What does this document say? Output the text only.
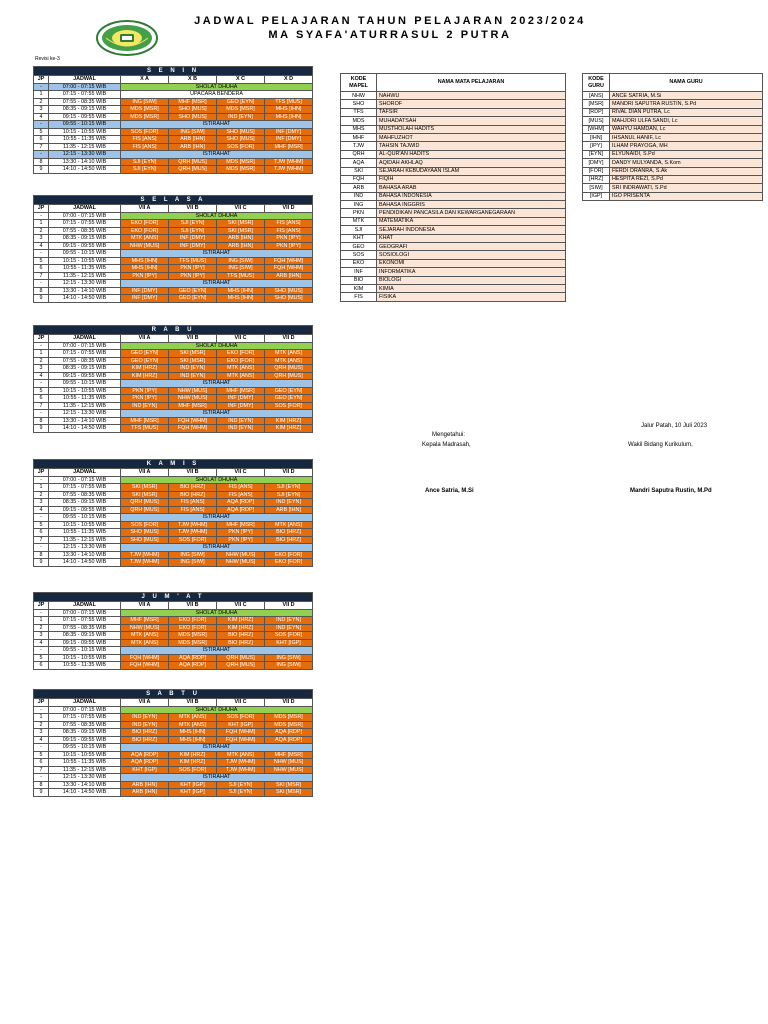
JADWAL PELAJARAN TAHUN PELAJARAN 2023/2024
MA SYAFA'ATURRASUL 2 PUTRA
Revisi ke-3
S E N I N					
JP	JADWAL	X A	X B	X C	X D
-	07:00 - 07:15 WIB	SHOLAT DHUHA			
1	07:15 - 07:55 WIB	UPACARA BENDERA			
2	07:55 - 08:35 WIB	ING [SIW]	MHF [MSR]	GEO [EYN]	TFS [MUS]
3	08:35 - 09:15 WIB	MDS [MSR]	SHO [MUS]	MDS [MSR]	MHS [IHN]
4	09:15 - 09:55 WIB	MDS [MSR]	SHO [MUS]	IND [EYN]	MHS [IHN]
-	09:55 - 10:15 WIB	ISTIRAHAT			
5	10:15 - 10:55 WIB	SOS [FOR]	ING [SIW]	SHO [MUS]	INF [DMY]
6	10:55 - 11:35 WIB	FIS [ANS]	ARB [IHN]	SHO [MUS]	INF [DMY]
7	11:35 - 12:15 WIB	FIS [ANS]	ARB [IHN]	SOS [FOR]	MHF [MSR]
-	12:15 - 13:30 WIB	ISTIRAHAT			
8	13:30 - 14:10 WIB	SJI [EYN]	QRH [MUS]	MDS [MSR]	TJW [WHM]
9	14:10 - 14:50 WIB	SJI [EYN]	QRH [MUS]	MDS [MSR]	TJW [WHM]
S E L A S A					
JP	JADWAL	VII A	VII B	VII C	VII D
-	07:00 - 07:15 WIB	SHOLAT DHUHA			
1	07:15 - 07:55 WIB	EKO [FOR]	SJI [EYN]	SKI [MSR]	FIS [ANS]
2	07:55 - 08:35 WIB	EKO [FOR]	SJI [EYN]	SKI [MSR]	FIS [ANS]
3	08:35 - 09:15 WIB	MTK [ANS]	INF [DMY]	ARB [IHN]	PKN [IPY]
4	09:15 - 09:55 WIB	NHW [MUS]	INF [DMY]	ARB [IHN]	PKN [IPY]
-	09:55 - 10:15 WIB	ISTIRAHAT			
5	10:15 - 10:55 WIB	MHS [IHN]	TFS [MUS]	ING [SIW]	FQH [WHM]
6	10:55 - 11:35 WIB	MHS [IHN]	PKN [IPY]	ING [SIW]	FQH [WHM]
7	11:35 - 12:15 WIB	PKN [IPY]	PKN [IPY]	TFS [MUS]	ARB [IHN]
-	12:15 - 13:30 WIB	ISTIRAHAT			
8	13:30 - 14:10 WIB	INF [DMY]	GEO [EYN]	MHS [IHN]	SHO [MUS]
9	14:10 - 14:50 WIB	INF [DMY]	GEO [EYN]	MHS [IHN]	SHO [MUS]
R A B U					
JP	JADWAL	VII A	VII B	VII C	VII D
-	07:00 - 07:15 WIB	SHOLAT DHUHA			
1	07:15 - 07:55 WIB	GEO [EYN]	SKI [MSR]	EKO [FOR]	MTK [ANS]
2	07:55 - 08:35 WIB	GEO [EYN]	SKI [MSR]	EKO [FOR]	MTK [ANS]
3	08:35 - 09:15 WIB	KIM [HRZ]	IND [EYN]	MTK [ANS]	QRH [MUS]
4	09:15 - 09:55 WIB	KIM [HRZ]	IND [EYN]	MTK [ANS]	QRH [MUS]
-	09:55 - 10:15 WIB	ISTIRAHAT			
5	10:15 - 10:55 WIB	PKN [IPY]	NHW [MUS]	MHF [MSR]	GEO [EYN]
6	10:55 - 11:35 WIB	PKN [IPY]	NHW [MUS]	INF [DMY]	GEO [EYN]
7	11:35 - 12:15 WIB	IND [EYN]	MHF [MSR]	INF [DMY]	SOS [FOR]
-	12:15 - 13:30 WIB	ISTIRAHAT			
8	13:30 - 14:10 WIB	MHF [MSR]	FQH [WHM]	IND [EYN]	KIM [HRZ]
9	14:10 - 14:50 WIB	TFS [MUS]	FQH [WHM]	IND [EYN]	KIM [HRZ]
K A M I S					
JP	JADWAL	VII A	VII B	VII C	VII D
-	07:00 - 07:15 WIB	SHOLAT DHUHA			
1	07:15 - 07:55 WIB	SKI [MSR]	BIO [HRZ]	FIS [ANS]	SJI [EYN]
2	07:55 - 08:35 WIB	SKI [MSR]	BIO [HRZ]	FIS [ANS]	SJI [EYN]
3	08:35 - 09:15 WIB	QRH [MUS]	FIS [ANS]	AQA [RDP]	IND [EYN]
4	09:15 - 09:55 WIB	QRH [MUS]	FIS [ANS]	AQA [RDP]	ARB [IHN]
-	09:55 - 10:15 WIB	ISTIRAHAT			
5	10:15 - 10:55 WIB	SOS [FOR]	TJW [WHM]	MHF [MSR]	MTK [ANS]
6	10:55 - 11:35 WIB	SHO [MUS]	TJW [WHM]	PKN [IPY]	BIO [HRZ]
7	11:35 - 12:15 WIB	SHO [MUS]	SOS [FOR]	PKN [IPY]	BIO [HRZ]
-	12:15 - 13:30 WIB	ISTIRAHAT			
8	13:30 - 14:10 WIB	TJW [WHM]	ING [SIW]	NHW [MUS]	EKO [FOR]
9	14:10 - 14:50 WIB	TJW [WHM]	ING [SIW]	NHW [MUS]	EKO [FOR]
J U M ' A T					
JP	JADWAL	VII A	VII B	VII C	VII D
-	07:00 - 07:15 WIB	SHOLAT DHUHA			
1	07:15 - 07:55 WIB	MHF [MSR]	EKO [FOR]	KIM [HRZ]	IND [EYN]
2	07:55 - 08:35 WIB	NHW [MUS]	EKO [FOR]	KIM [HRZ]	IND [EYN]
3	08:35 - 09:15 WIB	MTK [ANS]	MDS [MSR]	BIO [HRZ]	SOS [FOR]
4	09:15 - 09:55 WIB	MTK [ANS]	MDS [MSR]	BIO [HRZ]	KHT [IGP]
-	09:55 - 10:15 WIB	ISTIRAHAT			
5	10:15 - 10:55 WIB	FQH [WHM]	AQA [RDP]	QRH [MUS]	ING [SIW]
6	10:55 - 11:35 WIB	FQH [WHM]	AQA [RDP]	QRH [MUS]	ING [SIW]
S A B T U					
JP	JADWAL	VII A	VII B	VII C	VII D
-	07:00 - 07:15 WIB	SHOLAT DHUHA			
1	07:15 - 07:55 WIB	IND [EYN]	MTK [ANS]	SOS [FOR]	MDS [MSR]
2	07:55 - 08:35 WIB	IND [EYN]	MTK [ANS]	KHT [IGP]	MDS [MSR]
3	08:35 - 09:15 WIB	BIO [HRZ]	MHS [IHN]	FQH [WHM]	AQA [RDP]
4	09:15 - 09:55 WIB	BIO [HRZ]	MHS [IHN]	FQH [WHM]	AQA [RDP]
-	09:55 - 10:15 WIB	ISTIRAHAT			
5	10:15 - 10:55 WIB	AQA [RDP]	KIM [HRZ]	MTK [ANS]	MHF [MSR]
6	10:55 - 11:35 WIB	AQA [RDP]	KIM [HRZ]	TJW [WHM]	NHW [MUS]
7	11:35 - 12:15 WIB	KHT [IGP]	SOS [FOR]	TJW [WHM]	NHW [MUS]
-	12:15 - 13:30 WIB	ISTIRAHAT			
8	13:30 - 14:10 WIB	ARB [IHN]	KHT [IGP]	SJI [EYN]	SKI [MSR]
9	14:10 - 14:50 WIB	ARB [IHN]	KHT [IGP]	SJI [EYN]	SKI [MSR]
KODE MAPEL	NAMA MATA PELAJARAN
NHW	NAHWU
SHO	SHOROF
TFS	TAFSIR
MDS	MUHADATSAH
MHS	MUSTHOLAH HADITS
MHF	MAHFUZHOT
TJW	TAHSIN TAJWID
QRH	AL-QUR'AN HADITS
AQA	AQIDAH AKHLAQ
SKI	SEJARAH KEBUDAYAAN ISLAM
FQH	FIQIH
ARB	BAHASA ARAB
IND	BAHASA INDONESIA
ING	BAHASA INGGRIS
PKN	PENDIDIKAN PANCASILA DAN KEWARGANEGARAAN
MTK	MATEMATIKA
SJI	SEJARAH INDONESIA
KHT	KHAT
GEO	GEOGRAFI
SOS	SOSIOLOGI
EKO	EKONOMI
INF	INFORMATIKA
BIO	BIOLOGI
KIM	KIMIA
FIS	FISIKA
KODE GURU	NAMA GURU
[ANS]	ANCE SATRIA, M.Si
[MSR]	MANDRI SAPUTRA RUSTIN, S.Pd
[RDP]	RIVAL DIAN PUTRA, Lc
[MUS]	MAHJORI ULFA SANDI, Lc
[WHM]	WAHYU HAMDAN, Lc
[IHN]	IHSANUL HANIF, Lc
[IPY]	ILHAM PRAYOGA, MH
[EYN]	ELYUNAIDI, S.Pd
[DMY]	DANDY MULYANDA, S.Kom
[FOR]	FERDI ORANRA, S.Ak
[HRZ]	HESPITA REZI, S.Pd
[SIW]	SRI INDRAWATI, S.Pd
[IGP]	IGO PRISENTA
Jalur Patah, 10 Juli 2023
Mengetahui:
Kepala Madrasah,	Wakil Bidang Kurikulum,
Ance Satria, M.Si	Mandri Saputra Rustin, M.Pd
